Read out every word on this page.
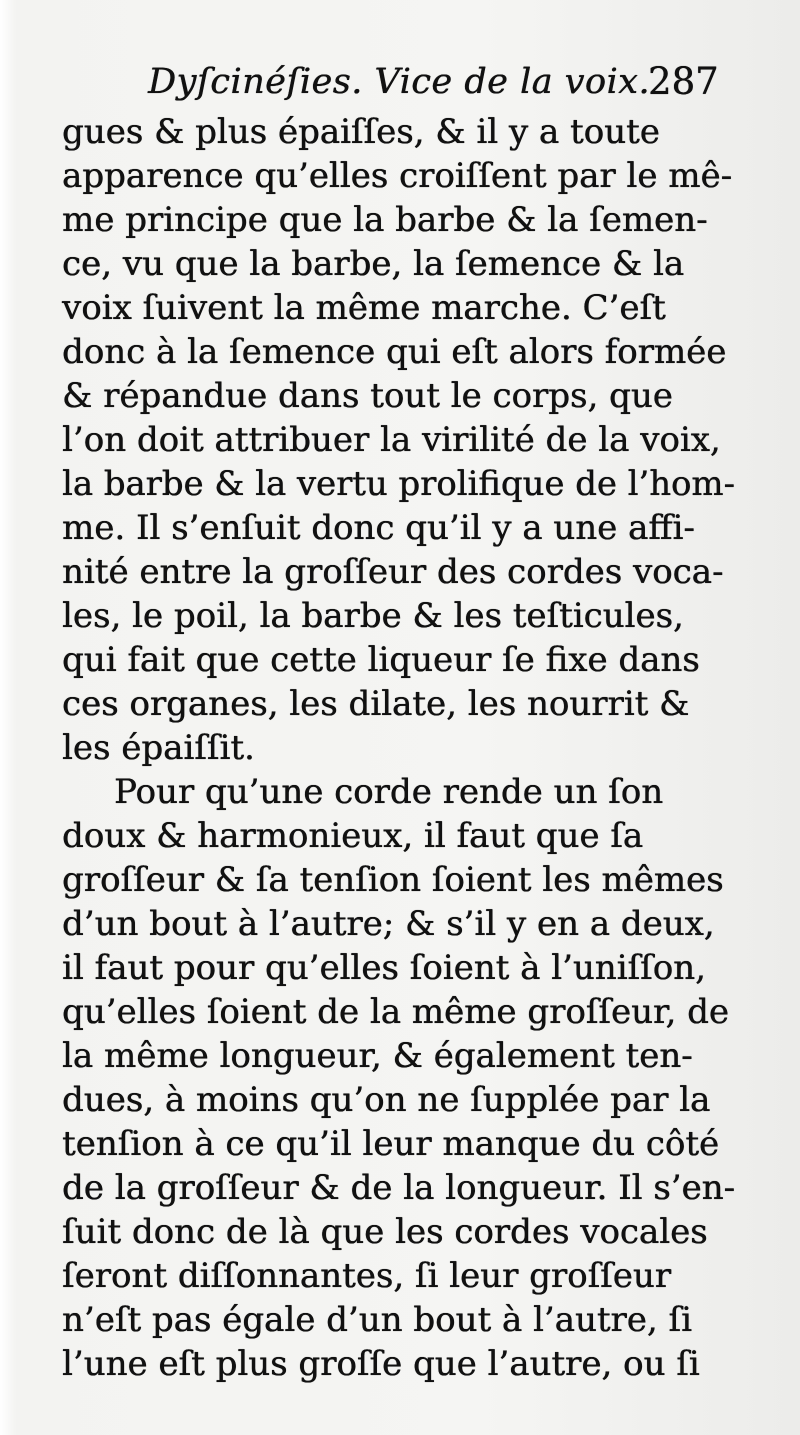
Dyſcinéſies. Vice de la voix.
287
gues & plus épaiſſes, & il y a toute
apparence qu’elles croiſſent par le mê-
me principe que la barbe & la ſemen-
ce, vu que la barbe, la ſemence & la
voix ſuivent la même marche. C’eſt
donc à la ſemence qui eſt alors formée
& répandue dans tout le corps, que
l’on doit attribuer la virilité de la voix,
la barbe & la vertu prolifique de l’hom-
me. Il s’enſuit donc qu’il y a une affi-
nité entre la groſſeur des cordes voca-
les, le poil, la barbe & les teſticules,
qui fait que cette liqueur ſe fixe dans
ces organes, les dilate, les nourrit &
les épaiſſit.
Pour qu’une corde rende un ſon
doux & harmonieux, il faut que ſa
groſſeur & ſa tenſion ſoient les mêmes
d’un bout à l’autre; & s’il y en a deux,
il faut pour qu’elles ſoient à l’uniſſon,
qu’elles ſoient de la même groſſeur, de
la même longueur, & également ten-
dues, à moins qu’on ne ſupplée par la
tenſion à ce qu’il leur manque du côté
de la groſſeur & de la longueur. Il s’en-
ſuit donc de là que les cordes vocales
ſeront diſſonnantes, ſi leur groſſeur
n’eſt pas égale d’un bout à l’autre, ſi
l’une eſt plus groſſe que l’autre, ou ſi
